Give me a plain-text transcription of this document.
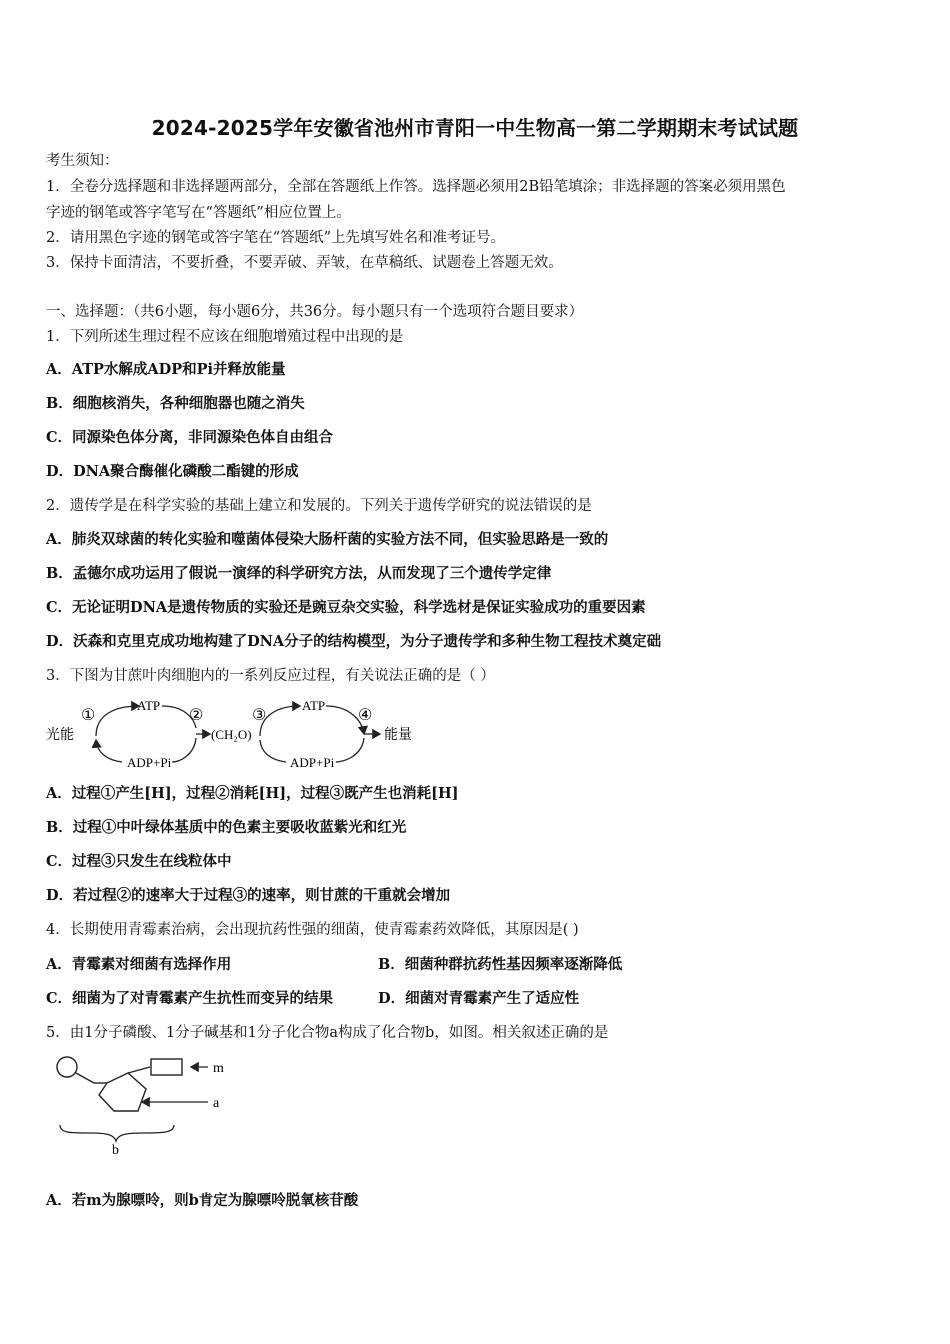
2024-2025学年安徽省池州市青阳一中生物高一第二学期期末考试试题
考生须知：
1．全卷分选择题和非选择题两部分，全部在答题纸上作答。选择题必须用2B铅笔填涂；非选择题的答案必须用黑色
字迹的钢笔或答字笔写在“答题纸”相应位置上。
2．请用黑色字迹的钢笔或答字笔在“答题纸”上先填写姓名和准考证号。
3．保持卡面清洁，不要折叠，不要弄破、弄皱，在草稿纸、试题卷上答题无效。
一、选择题：（共6小题，每小题6分，共36分。每小题只有一个选项符合题目要求）
1．下列所述生理过程不应该在细胞增殖过程中出现的是
A．ATP水解成ADP和Pi并释放能量
B．细胞核消失，各种细胞器也随之消失
C．同源染色体分离，非同源染色体自由组合
D．DNA聚合酶催化磷酸二酯键的形成
2．遗传学是在科学实验的基础上建立和发展的。下列关于遗传学研究的说法错误的是
A．肺炎双球菌的转化实验和噬菌体侵染大肠杆菌的实验方法不同，但实验思路是一致的
B．孟德尔成功运用了假说一演绎的科学研究方法，从而发现了三个遗传学定律
C．无论证明DNA是遗传物质的实验还是豌豆杂交实验，科学选材是保证实验成功的重要因素
D．沃森和克里克成功地构建了DNA分子的结构模型，为分子遗传学和多种生物工程技术奠定础
3．下图为甘蔗叶肉细胞内的一系列反应过程，有关说法正确的是（ ）
光能
①
ATP
ADP+Pi
②
(CH₂O)
③
ATP
ADP+Pi
④
能量
A．过程①产生[H]，过程②消耗[H]，过程③既产生也消耗[H]
B．过程①中叶绿体基质中的色素主要吸收蓝紫光和红光
C．过程③只发生在线粒体中
D．若过程②的速率大于过程③的速率，则甘蔗的干重就会增加
4．长期使用青霉素治病，会出现抗药性强的细菌，使青霉素药效降低，其原因是( )
A．青霉素对细菌有选择作用	B．细菌种群抗药性基因频率逐渐降低
C．细菌为了对青霉素产生抗性而变异的结果	D．细菌对青霉素产生了适应性
5．由1分子磷酸、1分子碱基和1分子化合物a构成了化合物b，如图。相关叙述正确的是
m
a
b
A．若m为腺嘌呤，则b肯定为腺嘌呤脱氧核苷酸
